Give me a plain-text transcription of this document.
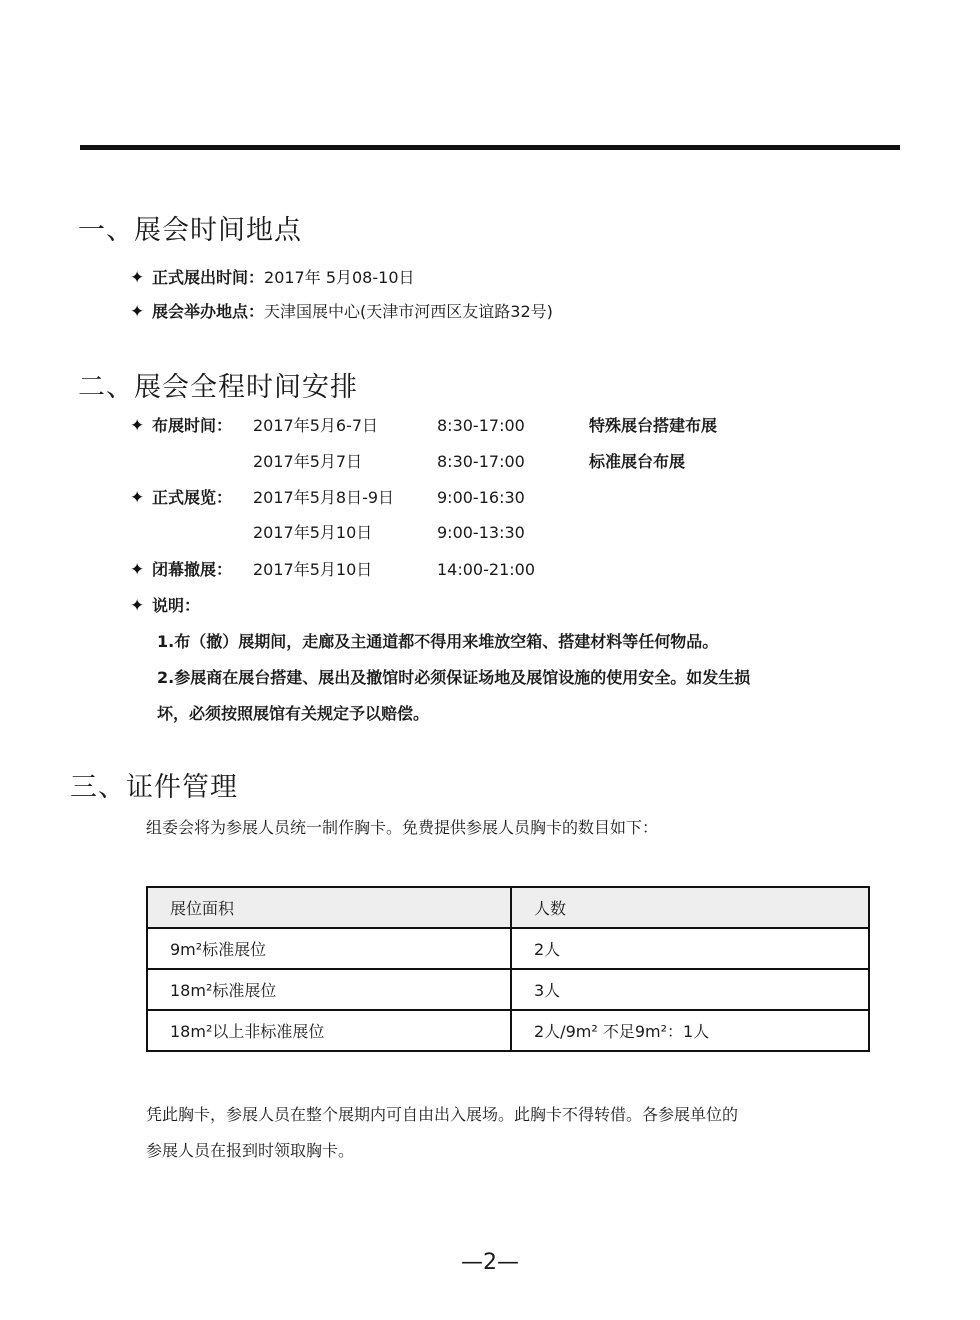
一、展会时间地点
✦ 正式展出时间：2017年 5月08-10日
✦ 展会举办地点：天津国展中心(天津市河西区友谊路32号)
二、展会全程时间安排
✦ 布展时间： 2017年5月6-7日	8:30-17:00	特殊展台搭建布展
2017年5月7日	8:30-17:00	标准展台布展
✦ 正式展览： 2017年5月8日-9日	9:00-16:30
2017年5月10日	9:00-13:30
✦ 闭幕撤展： 2017年5月10日	14:00-21:00
✦ 说明：
1.布（撤）展期间，走廊及主通道都不得用来堆放空箱、搭建材料等任何物品。
2.参展商在展台搭建、展出及撤馆时必须保证场地及展馆设施的使用安全。如发生损
坏，必须按照展馆有关规定予以赔偿。
三、证件管理
组委会将为参展人员统一制作胸卡。免费提供参展人员胸卡的数目如下：
展位面积	人数
9m²标准展位	2人
18m²标准展位	3人
18m²以上非标准展位	2人/9m² 不足9m²：1人
凭此胸卡，参展人员在整个展期内可自由出入展场。此胸卡不得转借。各参展单位的
参展人员在报到时领取胸卡。
—2—
